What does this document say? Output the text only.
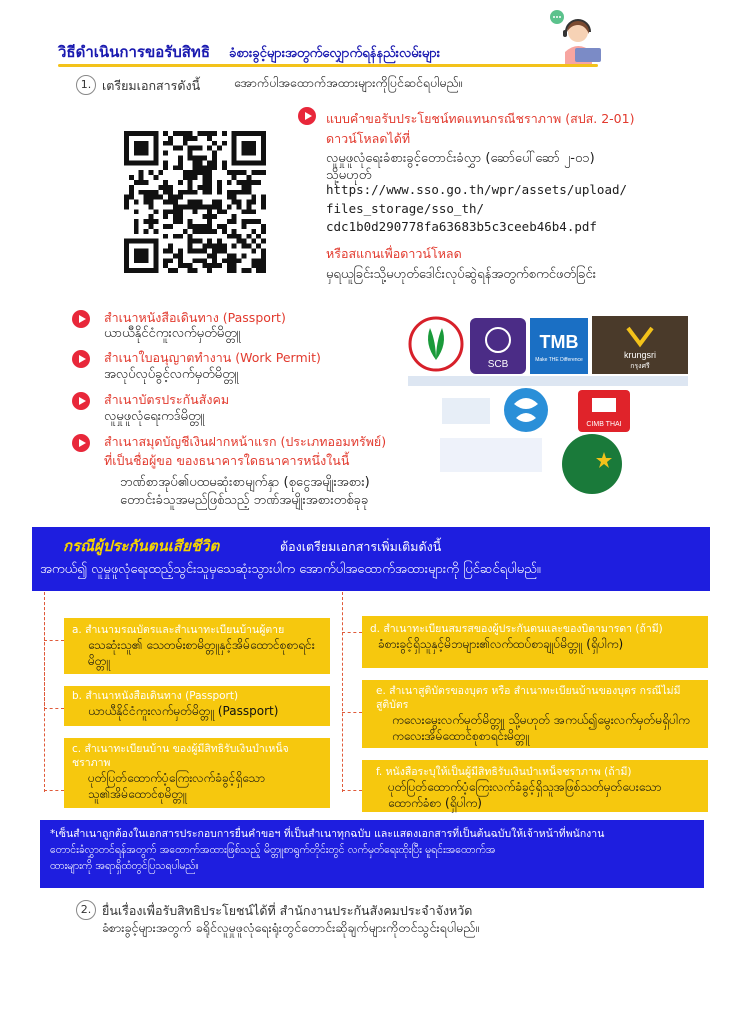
วิธีดำเนินการขอรับสิทธิ ခံစားခွင့်များအတွက်လျှောက်ရန်နည်းလမ်းများ
1. เตรียมเอกสารดังนี้	အောက်ပါအထောက်အထားများကိုပြင်ဆင်ရပါမည်။
แบบคำขอรับประโยชน์ทดแทนกรณีชราภาพ (สปส. 2-01)
ดาวน์โหลดได้ที่
လူမှုဖူလုံရေးခံစားခွင့်တောင်းခံလွှာ (ဆော်ပေါ်ဆော် ၂-၀၁)
သို့မဟုတ်
https://www.sso.go.th/wpr/assets/upload/
files_storage/sso_th/
cdc1b0d290778fa63683b5c3ceeb46b4.pdf
หรือสแกนเพื่อดาวน์โหลด
မှရယူခြင်းသို့မဟုတ်ဒေါင်းလုပ်ဆွဲရန်အတွက်စကင်ဖတ်ခြင်း
สำเนาหนังสือเดินทาง (Passport)
ယာယီနိုင်ငံကူးလက်မှတ်မိတ္တူ
สำเนาใบอนุญาตทำงาน (Work Permit)
အလုပ်လုပ်ခွင့်လက်မှတ်မိတ္တူ
สำเนาบัตรประกันสังคม
လူမှုဖူလုံရေးကဒ်မိတ္တူ
สำเนาสมุดบัญชีเงินฝากหน้าแรก (ประเภทออมทรัพย์)
ที่เป็นชื่อผู้ขอ ของธนาคารใดธนาคารหนึ่งในนี้
ဘဏ်စာအုပ်၏ပထမဆုံးစာမျက်နှာ (စုငွေအမျိုးအစား)
တောင်းခံသူအမည်ဖြစ်သည့် ဘဏ်အမျိုးအစားတစ်ခုခု
SCB
TMB
Make THE Difference	krungsri
กรุงศรี
CIMB THAI
กรณีผู้ประกันตนเสียชีวิต	ต้องเตรียมเอกสารเพิ่มเติมดังนี้
အကယ်၍ လူမှုဖူလုံရေးထည့်သွင်းသူမှသေဆုံးသွားပါက အောက်ပါအထောက်အထားများကို ပြင်ဆင်ရပါမည်။
a. สำเนามรณบัตรและสำเนาทะเบียนบ้านผู้ตาย
သေဆုံးသူ၏ သေတမ်းစာမိတ္တူနှင့်အိမ်ထောင်စုစာရင်းမိတ္တူ
b. สำเนาหนังสือเดินทาง (Passport)
ယာယီနိုင်ငံကူးလက်မှတ်မိတ္တူ (Passport)
c. สำเนาทะเบียนบ้าน ของผู้มีสิทธิรับเงินบำเหน็จชราภาพ
ပုတ်ပြတ်ထောက်ပံ့ကြေးလက်ခံခွင့်ရှိသောသူ၏အိမ်ထောင်စုမိတ္တူ
d. สำเนาทะเบียนสมรสของผู้ประกันตนและของบิดามารดา (ถ้ามี)
ခံစားခွင့်ရှိသူနှင့်မိဘများ၏လက်ထပ်စာချုပ်မိတ္တူ (ရှိပါက)
e. สำเนาสูติบัตรของบุตร หรือ สำเนาทะเบียนบ้านของบุตร กรณีไม่มีสูติบัตร
ကလေးမွေးလက်မှတ်မိတ္တူ သို့မဟုတ် အကယ်၍မွေးလက်မှတ်မရှိပါက ကလေးအိမ်ထောင်စုစာရင်းမိတ္တူ
f. หนังสือระบุให้เป็นผู้มีสิทธิรับเงินบำเหน็จชราภาพ (ถ้ามี)
ပုတ်ပြတ်ထောက်ပံ့ကြေးလက်ခံခွင့်ရှိသူအဖြစ်သတ်မှတ်ပေးသောထောက်ခံစာ (ရှိပါက)
*เซ็นสำเนาถูกต้องในเอกสารประกอบการยื่นคำขอฯ ที่เป็นสำเนาทุกฉบับ และแสดงเอกสารที่เป็นต้นฉบับให้เจ้าหน้าที่พนักงาน
တောင်းခံလွှာတင်ရန်အတွက် အထောက်အထားဖြစ်သည့် မိတ္တူစာရွက်တိုင်းတွင် လက်မှတ်ရေးထိုးပြီး မူရင်းအထောက်အ
ထားများကို အရာရှိထံတွင်ပြသရပါမည်။
2. ยื่นเรื่องเพื่อรับสิทธิประโยชน์ได้ที่ สำนักงานประกันสังคมประจำจังหวัด
ခံစားခွင့်များအတွက် ခရိုင်လူမှုဖူလုံရေးရုံးတွင်တောင်းဆိုချက်များကိုတင်သွင်းရပါမည်။
